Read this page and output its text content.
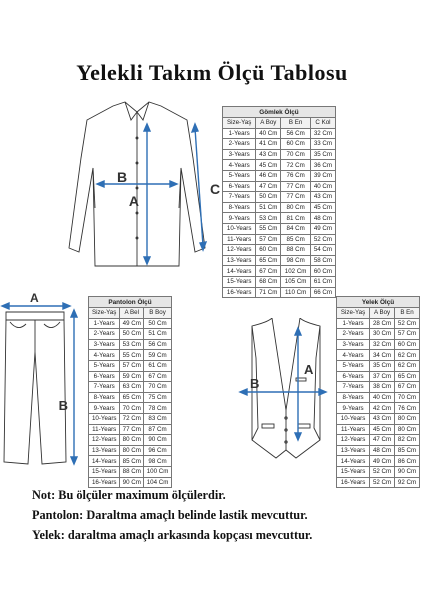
Yelekli Takım Ölçü Tablosu
B
A
C
A
B
B
A
Gömlek Ölçü			
Size-Yaş	A Boy	B En	C Kol
1-Years	40 Cm	56 Cm	32 Cm
2-Years	41 Cm	60 Cm	33 Cm
3-Years	43 Cm	70 Cm	35 Cm
4-Years	45 Cm	72 Cm	36 Cm
5-Years	46 Cm	76 Cm	39 Cm
6-Years	47 Cm	77 Cm	40 Cm
7-Years	50 Cm	77 Cm	43 Cm
8-Years	51 Cm	80 Cm	45 Cm
9-Years	53 Cm	81 Cm	48 Cm
10-Years	55 Cm	84 Cm	49 Cm
11-Years	57 Cm	85 Cm	52 Cm
12-Years	60 Cm	88 Cm	54 Cm
13-Years	65 Cm	98 Cm	58 Cm
14-Years	67 Cm	102 Cm	60 Cm
15-Years	68 Cm	105 Cm	61 Cm
16-Years	71 Cm	110 Cm	66 Cm
Pantolon Ölçü		
Size-Yaş	A Bel	B Boy
1-Years	49 Cm	50 Cm
2-Years	50 Cm	51 Cm
3-Years	53 Cm	56 Cm
4-Years	55 Cm	59 Cm
5-Years	57 Cm	61 Cm
6-Years	59 Cm	67 Cm
7-Years	63 Cm	70 Cm
8-Years	65 Cm	75 Cm
9-Years	70 Cm	78 Cm
10-Years	72 Cm	83 Cm
11-Years	77 Cm	87 Cm
12-Years	80 Cm	90 Cm
13-Years	80 Cm	96 Cm
14-Years	85 Cm	98 Cm
15-Years	88 Cm	100 Cm
16-Years	90 Cm	104 Cm
Yelek Ölçü		
Size-Yaş	A Boy	B En
1-Years	28 Cm	52 Cm
2-Years	30 Cm	57 Cm
3-Years	32 Cm	60 Cm
4-Years	34 Cm	62 Cm
5-Years	35 Cm	62 Cm
6-Years	37 Cm	65 Cm
7-Years	38 Cm	67 Cm
8-Years	40 Cm	70 Cm
9-Years	42 Cm	76 Cm
10-Years	43 Cm	80 Cm
11-Years	45 Cm	80 Cm
12-Years	47 Cm	82 Cm
13-Years	48 Cm	85 Cm
14-Years	49 Cm	86 Cm
15-Years	52 Cm	90 Cm
16-Years	52 Cm	92 Cm
Not: Bu ölçüler maximum ölçülerdir.
Pantolon: Daraltma amaçlı belinde lastik mevcuttur.
Yelek: daraltma amaçlı arkasında kopçası mevcuttur.
